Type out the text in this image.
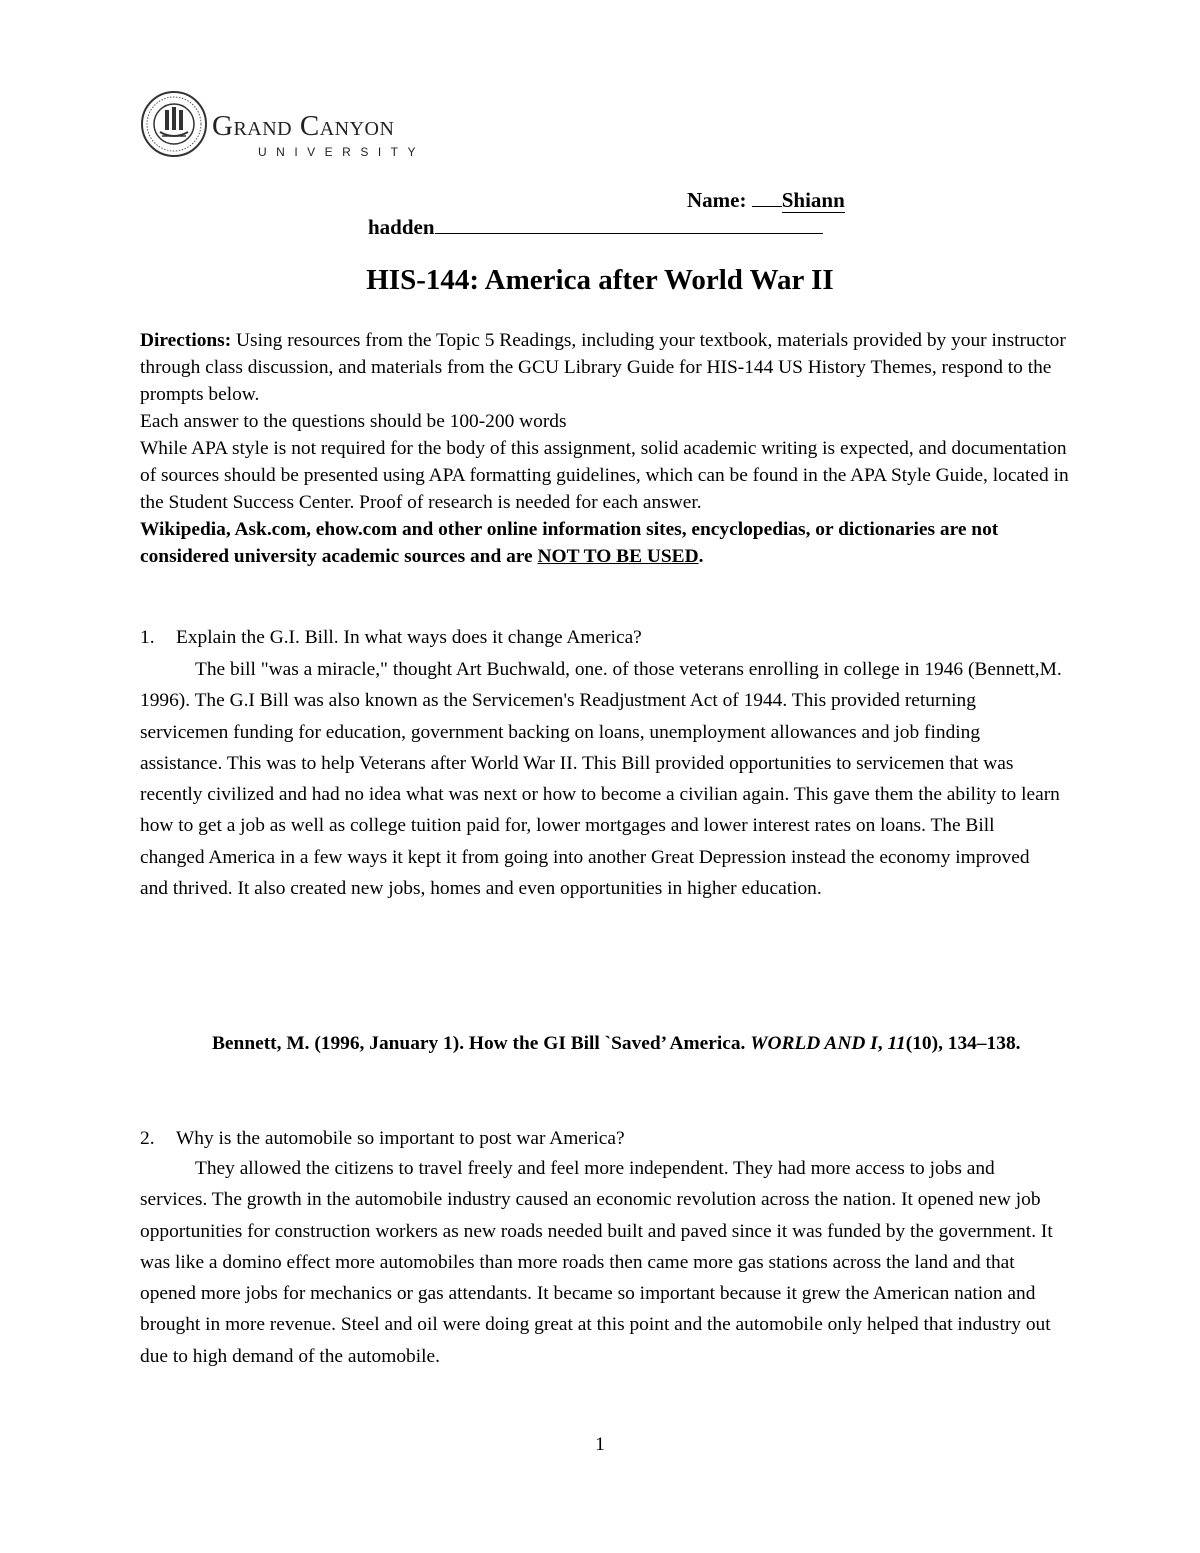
Grand Canyon
UNIVERSITY
Name: Shiann
hadden
HIS-144: America after World War II

Directions: Using resources from the Topic 5 Readings, including your textbook, materials provided by your instructor through class discussion, and materials from the GCU Library Guide for HIS-144 US History Themes, respond to the prompts below.

Each answer to the questions should be 100-200 words

While APA style is not required for the body of this assignment, solid academic writing is expected, and documentation of sources should be presented using APA formatting guidelines, which can be found in the APA Style Guide, located in the Student Success Center. Proof of research is needed for each answer.

Wikipedia, Ask.com, ehow.com and other online information sites, encyclopedias, or dictionaries are not considered university academic sources and are NOT TO BE USED.

1. Explain the G.I. Bill. In what ways does it change America?

The bill "was a miracle," thought Art Buchwald, one. of those veterans enrolling in college in 1946 (Bennett,M. 1996). The G.I Bill was also known as the Servicemen's Readjustment Act of 1944. This provided returning servicemen funding for education, government backing on loans, unemployment allowances and job finding assistance. This was to help Veterans after World War II. This Bill provided opportunities to servicemen that was recently civilized and had no idea what was next or how to become a civilian again. This gave them the ability to learn how to get a job as well as college tuition paid for, lower mortgages and lower interest rates on loans. The Bill changed America in a few ways it kept it from going into another Great Depression instead the economy improved and thrived. It also created new jobs, homes and even opportunities in higher education.

Bennett, M. (1996, January 1). How the GI Bill `Saved’ America. WORLD AND I, 11(10), 134–138.
2. Why is the automobile so important to post war America?

They allowed the citizens to travel freely and feel more independent. They had more access to jobs and services. The growth in the automobile industry caused an economic revolution across the nation. It opened new job opportunities for construction workers as new roads needed built and paved since it was funded by the government. It was like a domino effect more automobiles than more roads then came more gas stations across the land and that opened more jobs for mechanics or gas attendants. It became so important because it grew the American nation and brought in more revenue. Steel and oil were doing great at this point and the automobile only helped that industry out due to high demand of the automobile.

1
